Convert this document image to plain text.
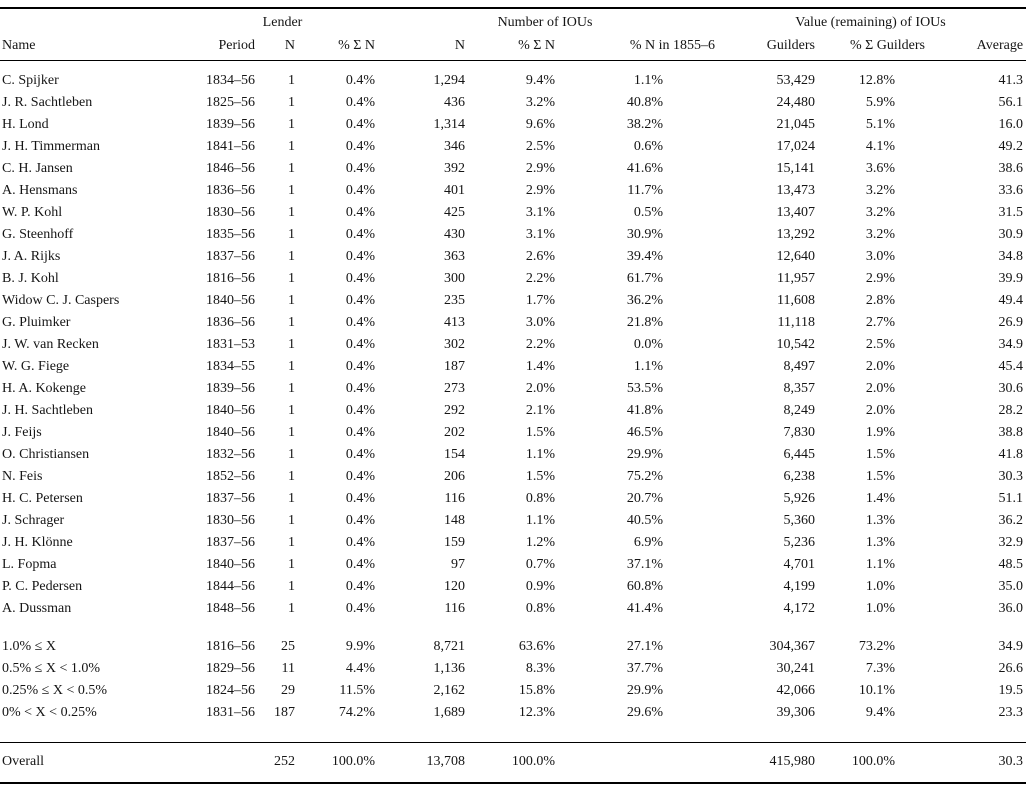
	Lender			Number of IOUs			Value (remaining) of IOUs		
Name	Period	N	% Σ N	N	% Σ N	% N in 1855–6	Guilders	% Σ Guilders	Average
C. Spijker	1834–56	1	0.4%	1,294	9.4%	1.1%	53,429	12.8%	41.3
J. R. Sachtleben	1825–56	1	0.4%	436	3.2%	40.8%	24,480	5.9%	56.1
H. Lond	1839–56	1	0.4%	1,314	9.6%	38.2%	21,045	5.1%	16.0
J. H. Timmerman	1841–56	1	0.4%	346	2.5%	0.6%	17,024	4.1%	49.2
C. H. Jansen	1846–56	1	0.4%	392	2.9%	41.6%	15,141	3.6%	38.6
A. Hensmans	1836–56	1	0.4%	401	2.9%	11.7%	13,473	3.2%	33.6
W. P. Kohl	1830–56	1	0.4%	425	3.1%	0.5%	13,407	3.2%	31.5
G. Steenhoff	1835–56	1	0.4%	430	3.1%	30.9%	13,292	3.2%	30.9
J. A. Rijks	1837–56	1	0.4%	363	2.6%	39.4%	12,640	3.0%	34.8
B. J. Kohl	1816–56	1	0.4%	300	2.2%	61.7%	11,957	2.9%	39.9
Widow C. J. Caspers	1840–56	1	0.4%	235	1.7%	36.2%	11,608	2.8%	49.4
G. Pluimker	1836–56	1	0.4%	413	3.0%	21.8%	11,118	2.7%	26.9
J. W. van Recken	1831–53	1	0.4%	302	2.2%	0.0%	10,542	2.5%	34.9
W. G. Fiege	1834–55	1	0.4%	187	1.4%	1.1%	8,497	2.0%	45.4
H. A. Kokenge	1839–56	1	0.4%	273	2.0%	53.5%	8,357	2.0%	30.6
J. H. Sachtleben	1840–56	1	0.4%	292	2.1%	41.8%	8,249	2.0%	28.2
J. Feijs	1840–56	1	0.4%	202	1.5%	46.5%	7,830	1.9%	38.8
O. Christiansen	1832–56	1	0.4%	154	1.1%	29.9%	6,445	1.5%	41.8
N. Feis	1852–56	1	0.4%	206	1.5%	75.2%	6,238	1.5%	30.3
H. C. Petersen	1837–56	1	0.4%	116	0.8%	20.7%	5,926	1.4%	51.1
J. Schrager	1830–56	1	0.4%	148	1.1%	40.5%	5,360	1.3%	36.2
J. H. Klönne	1837–56	1	0.4%	159	1.2%	6.9%	5,236	1.3%	32.9
L. Fopma	1840–56	1	0.4%	97	0.7%	37.1%	4,701	1.1%	48.5
P. C. Pedersen	1844–56	1	0.4%	120	0.9%	60.8%	4,199	1.0%	35.0
A. Dussman	1848–56	1	0.4%	116	0.8%	41.4%	4,172	1.0%	36.0

1.0% ≤ X	1816–56	25	9.9%	8,721	63.6%	27.1%	304,367	73.2%	34.9
0.5% ≤ X < 1.0%	1829–56	11	4.4%	1,136	8.3%	37.7%	30,241	7.3%	26.6
0.25% ≤ X < 0.5%	1824–56	29	11.5%	2,162	15.8%	29.9%	42,066	10.1%	19.5
0% < X < 0.25%	1831–56	187	74.2%	1,689	12.3%	29.6%	39,306	9.4%	23.3

Overall		252	100.0%	13,708	100.0%		415,980	100.0%	30.3
